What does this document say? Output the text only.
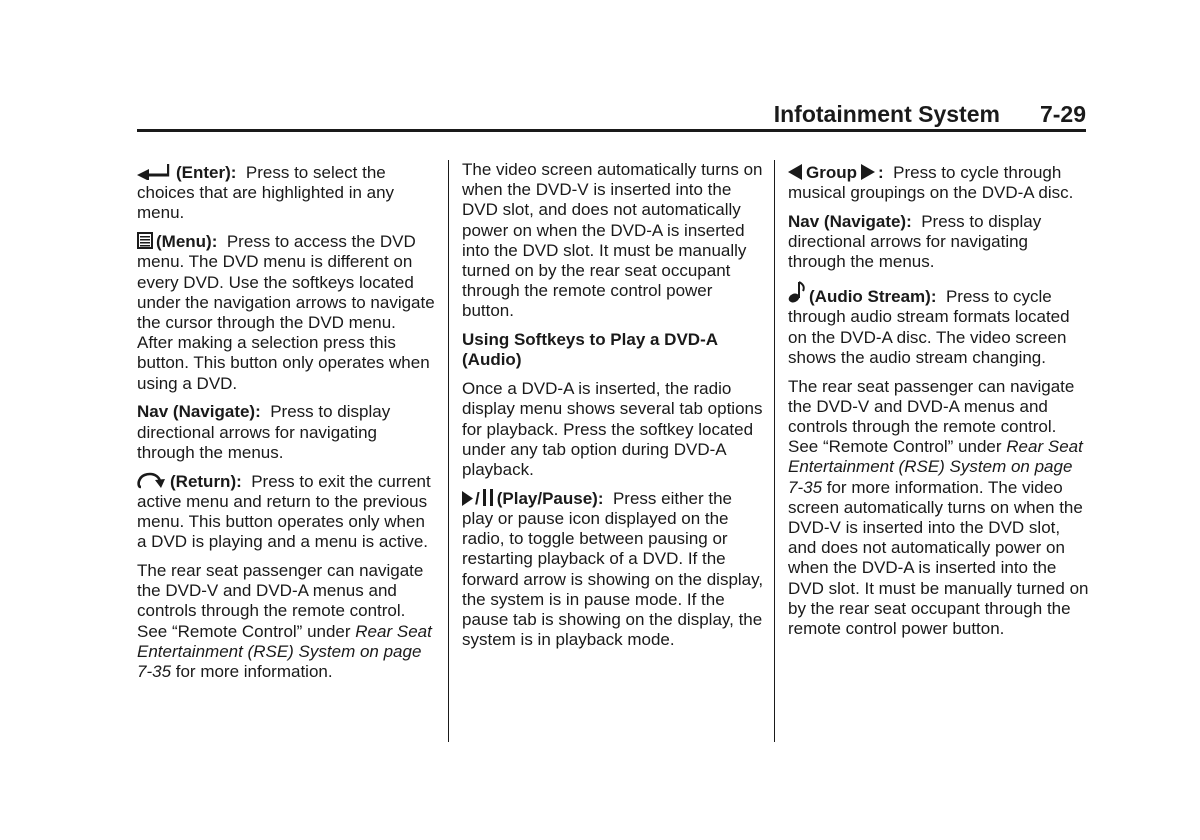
Infotainment System 7-29

(Enter): Press to select the choices that are highlighted in any menu.

(Menu): Press to access the DVD menu. The DVD menu is different on every DVD. Use the softkeys located under the navigation arrows to navigate the cursor through the DVD menu. After making a selection press this button. This button only operates when using a DVD.

Nav (Navigate): Press to display directional arrows for navigating through the menus.

(Return): Press to exit the current active menu and return to the previous menu. This button operates only when a DVD is playing and a menu is active.

The rear seat passenger can navigate the DVD-V and DVD-A menus and controls through the remote control. See “Remote Control” under Rear Seat Entertainment (RSE) System on page 7-35 for more information.

The video screen automatically turns on when the DVD-V is inserted into the DVD slot, and does not automatically power on when the DVD-A is inserted into the DVD slot. It must be manually turned on by the rear seat occupant through the remote control power button.

Using Softkeys to Play a DVD-A (Audio)

Once a DVD-A is inserted, the radio display menu shows several tab options for playback. Press the softkey located under any tab option during DVD-A playback.

/ (Play/Pause): Press either the play or pause icon displayed on the radio, to toggle between pausing or restarting playback of a DVD. If the forward arrow is showing on the display, the system is in pause mode. If the pause tab is showing on the display, the system is in playback mode.

Group : Press to cycle through musical groupings on the DVD-A disc.

Nav (Navigate): Press to display directional arrows for navigating through the menus.

(Audio Stream): Press to cycle through audio stream formats located on the DVD-A disc. The video screen shows the audio stream changing.

The rear seat passenger can navigate the DVD-V and DVD-A menus and controls through the remote control. See “Remote Control” under Rear Seat Entertainment (RSE) System on page 7-35 for more information. The video screen automatically turns on when the DVD-V is inserted into the DVD slot, and does not automatically power on when the DVD-A is inserted into the DVD slot. It must be manually turned on by the rear seat occupant through the remote control power button.
